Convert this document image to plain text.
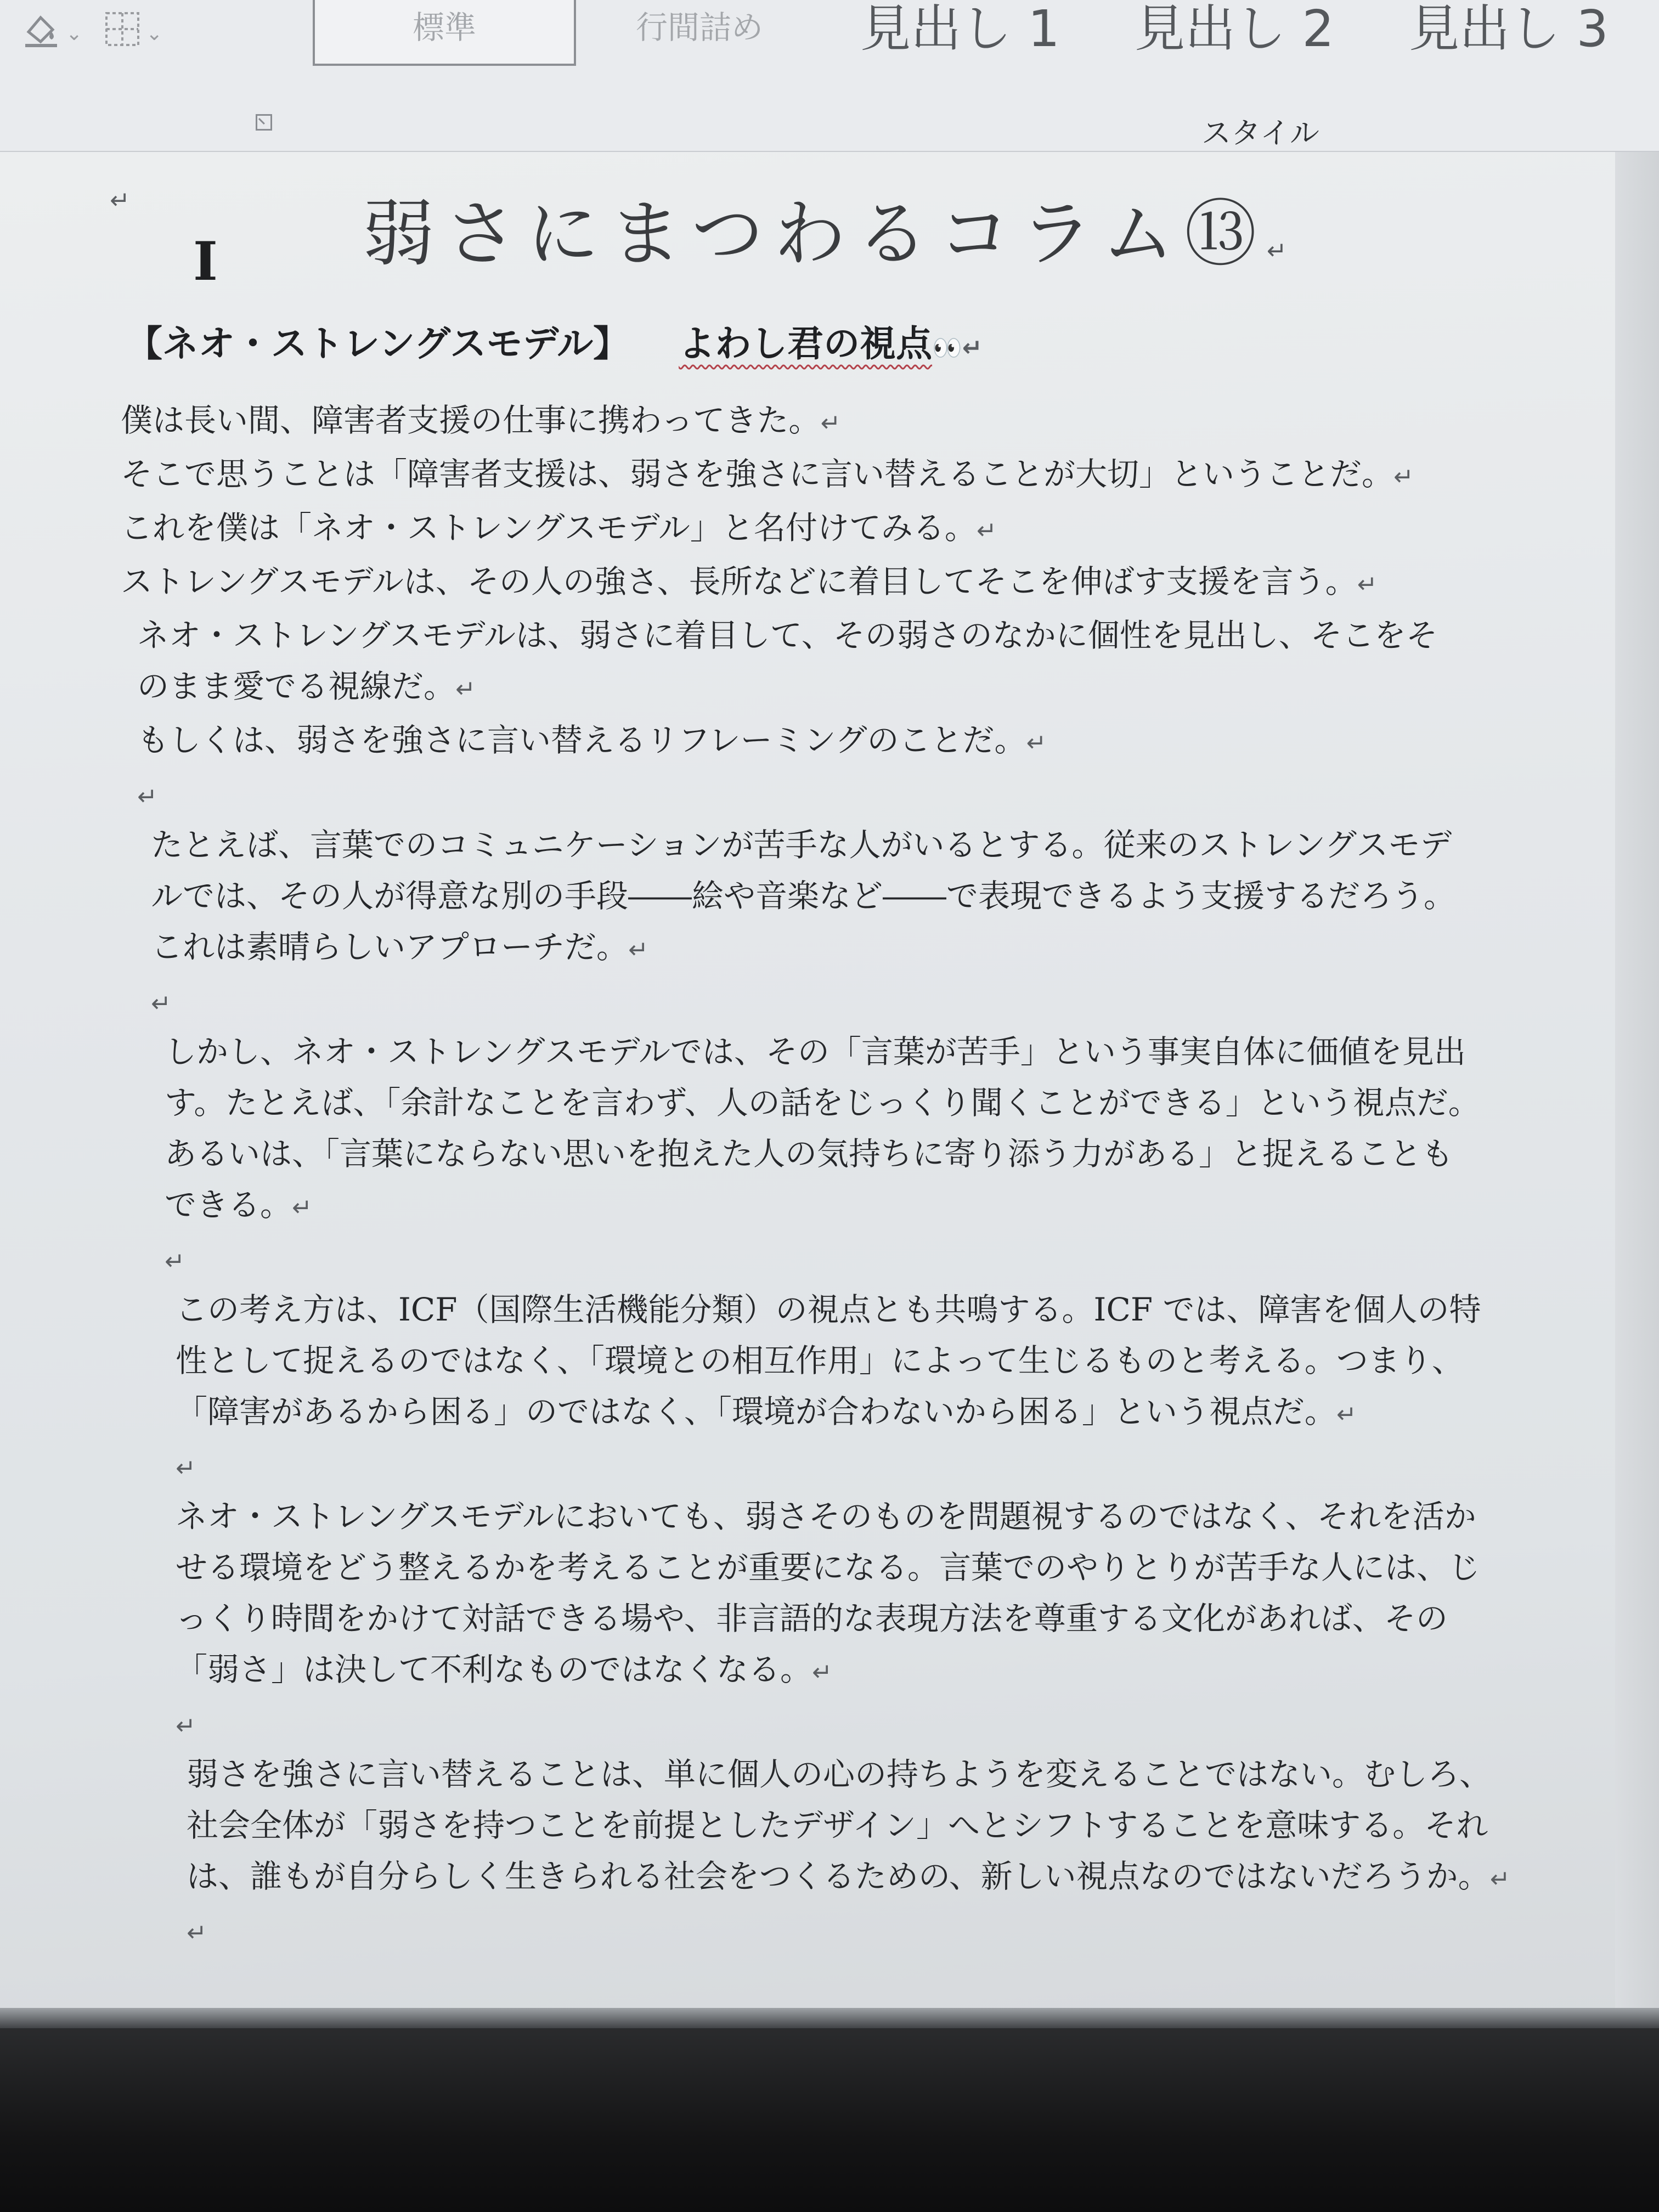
⌄	⌄	標準	行間詰め	見出し 1	見出し 2	見出し 3
スタイル
↵	弱さにまつわるコラム⑬↵
I
【ネオ・ストレングスモデル】 よわし君の視点👀↵

僕は長い間、障害者支援の仕事に携わってきた。↵

そこで思うことは「障害者支援は、弱さを強さに言い替えることが大切」ということだ。↵

これを僕は「ネオ・ストレングスモデル」と名付けてみる。↵

ストレングスモデルは、その人の強さ、長所などに着目してそこを伸ばす支援を言う。↵

ネオ・ストレングスモデルは、弱さに着目して、その弱さのなかに個性を見出し、そこをそ

のまま愛でる視線だ。↵

もしくは、弱さを強さに言い替えるリフレーミングのことだ。↵

↵

たとえば、言葉でのコミュニケーションが苦手な人がいるとする。従来のストレングスモデ

ルでは、その人が得意な別の手段――絵や音楽など――で表現できるよう支援するだろう。

これは素晴らしいアプローチだ。↵

↵

しかし、ネオ・ストレングスモデルでは、その「言葉が苦手」という事実自体に価値を見出

す。たとえば、「余計なことを言わず、人の話をじっくり聞くことができる」という視点だ。

あるいは、「言葉にならない思いを抱えた人の気持ちに寄り添う力がある」と捉えることも

できる。↵

↵

この考え方は、ICF（国際生活機能分類）の視点とも共鳴する。ICF では、障害を個人の特

性として捉えるのではなく、「環境との相互作用」によって生じるものと考える。つまり、

「障害があるから困る」のではなく、「環境が合わないから困る」という視点だ。↵

↵

ネオ・ストレングスモデルにおいても、弱さそのものを問題視するのではなく、それを活か

せる環境をどう整えるかを考えることが重要になる。言葉でのやりとりが苦手な人には、じ

っくり時間をかけて対話できる場や、非言語的な表現方法を尊重する文化があれば、その

「弱さ」は決して不利なものではなくなる。↵

↵

弱さを強さに言い替えることは、単に個人の心の持ちようを変えることではない。むしろ、

社会全体が「弱さを持つことを前提としたデザイン」へとシフトすることを意味する。それ

は、誰もが自分らしく生きられる社会をつくるための、新しい視点なのではないだろうか。↵

↵
